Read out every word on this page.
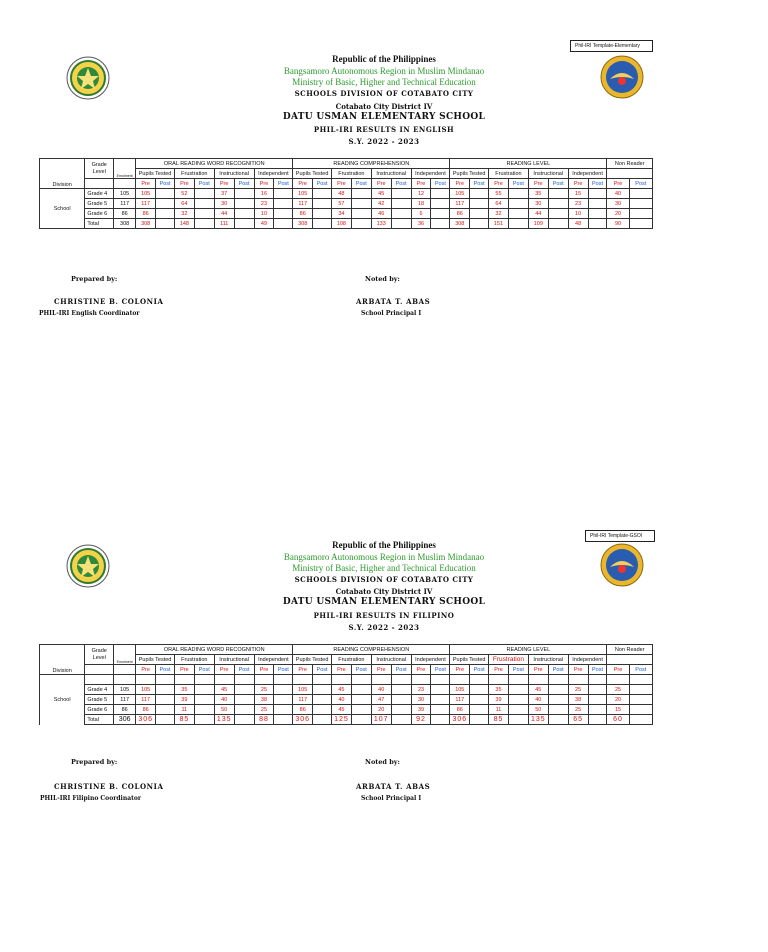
Phil-IRI Template-Elementary
Republic of the Philippines
Bangsamoro Autonomous Region in Muslim Mindanao
Ministry of Basic, Higher and Technical Education
SCHOOLS DIVISION OF COTABATO CITY
Cotabato City District IV
DATU USMAN ELEMENTARY SCHOOL
PHIL-IRI RESULTS IN ENGLISH
S.Y. 2022 - 2023
Division	Grade Level	Enrolment	ORAL READING WORD RECOGNITION								READING COMPREHENSION								READING LEVEL								Non Reader	
			Pupils Tested		Frustration		Instructional		Independent		Pupils Tested		Frustration		Instructional		Independent		Pupils Tested		Frustration		Instructional		Independent			
			Pre	Post	Pre	Post	Pre	Post	Pre	Post	Pre	Post	Pre	Post	Pre	Post	Pre	Post	Pre	Post	Pre	Post	Pre	Post	Pre	Post	Pre	Post
School	Grade 4	105	105		52		37		16		105		48		45		12		105		55		35		15		40	
	Grade 5	117	117		64		30		23		117		57		42		18		117		64		30		23		30	
	Grade 6	86	86		32		44		10		86		34		46		6		86		32		44		10		20	
	Total	308	308		148		111		49		308		108		133		36		308		151		109		48		90	
Prepared by:
CHRISTINE B. COLONIA
PHIL-IRI English Coordinator
Noted by:
ARBATA T. ABAS
School Principal I
Phil-IRI Template-GSOI
Republic of the Philippines
Bangsamoro Autonomous Region in Muslim Mindanao
Ministry of Basic, Higher and Technical Education
SCHOOLS DIVISION OF COTABATO CITY
Cotabato City District IV
DATU USMAN ELEMENTARY SCHOOL
PHIL-IRI RESULTS IN FILIPINO
S.Y. 2022 - 2023
Division	Grade Level	Enrolment	ORAL READING WORD RECOGNITION								READING COMPREHENSION								READING LEVEL								Non Reader	
			Pupils Tested		Frustration		Instructional		Independent		Pupils Tested		Frustration		Instructional		Independent		Pupils Tested		Frustration		Instructional		Independent			
			Pre	Post	Pre	Post	Pre	Post	Pre	Post	Pre	Post	Pre	Post	Pre	Post	Pre	Post	Pre	Post	Pre	Post	Pre	Post	Pre	Post	Pre	Post

	Grade 4	105	105		35		45		25		105		45		40		23		105		35		45		25		25	
School	Grade 5	117	117		39		40		38		117		40		47		30		117		39		40		38		20	
	Grade 6	86	86		11		50		25		86		45		20		39		86		11		50		25		15	
	Total	306	306		85		135		88		306		125		107		92		306		85		135		65		60	
Prepared by:
CHRISTINE B. COLONIA
PHIL-IRI Filipino Coordinator
Noted by:
ARBATA T. ABAS
School Principal I
